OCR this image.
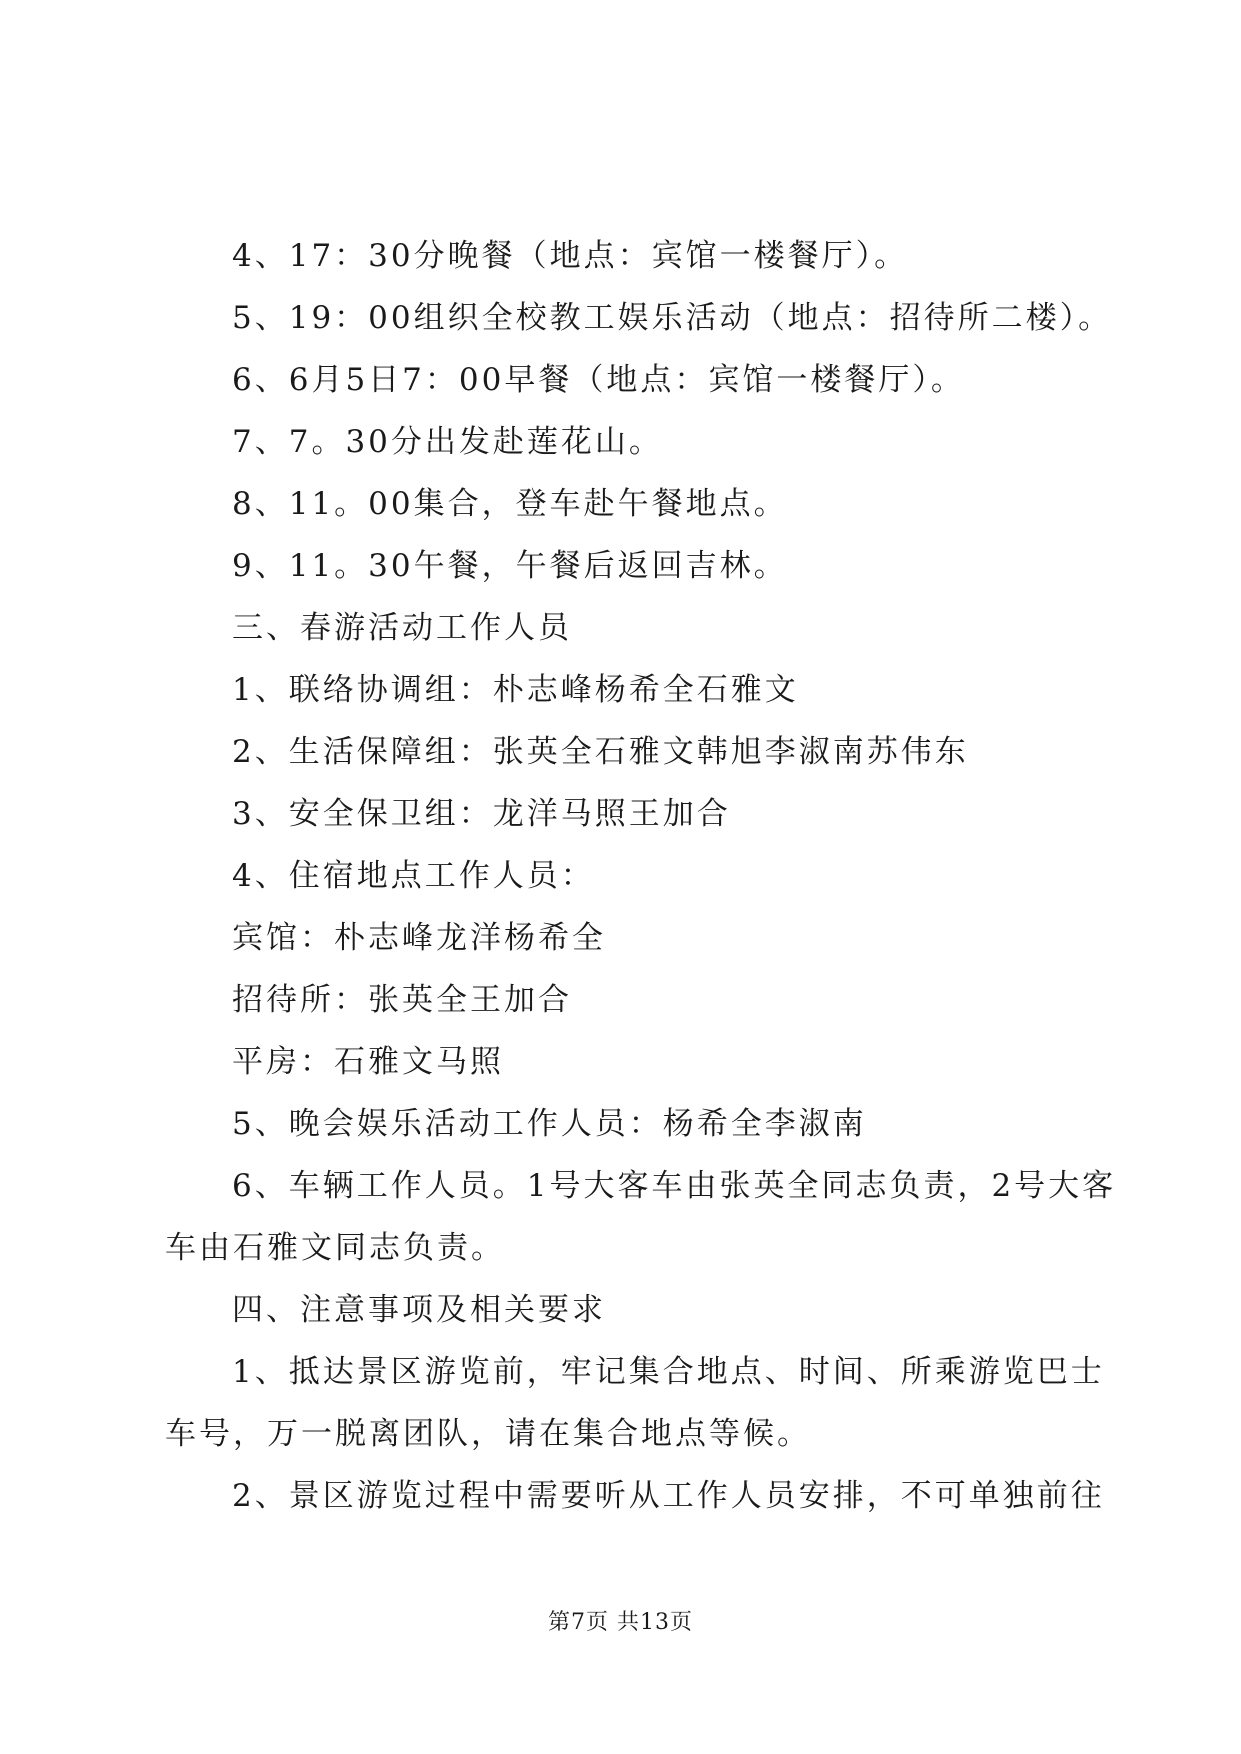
4、17：30分晚餐（地点：宾馆一楼餐厅）。
5、19：00组织全校教工娱乐活动（地点：招待所二楼）。
6、6月5日7：00早餐（地点：宾馆一楼餐厅）。
7、7。30分出发赴莲花山。
8、11。00集合，登车赴午餐地点。
9、11。30午餐，午餐后返回吉林。
三、春游活动工作人员
1、联络协调组：朴志峰杨希全石雅文
2、生活保障组：张英全石雅文韩旭李淑南苏伟东
3、安全保卫组：龙洋马照王加合
4、住宿地点工作人员：
宾馆：朴志峰龙洋杨希全
招待所：张英全王加合
平房：石雅文马照
5、晚会娱乐活动工作人员：杨希全李淑南
6、车辆工作人员。1号大客车由张英全同志负责，2号大客
车由石雅文同志负责。
四、注意事项及相关要求
1、抵达景区游览前，牢记集合地点、时间、所乘游览巴士
车号，万一脱离团队，请在集合地点等候。
2、景区游览过程中需要听从工作人员安排，不可单独前往
第7页 共13页
